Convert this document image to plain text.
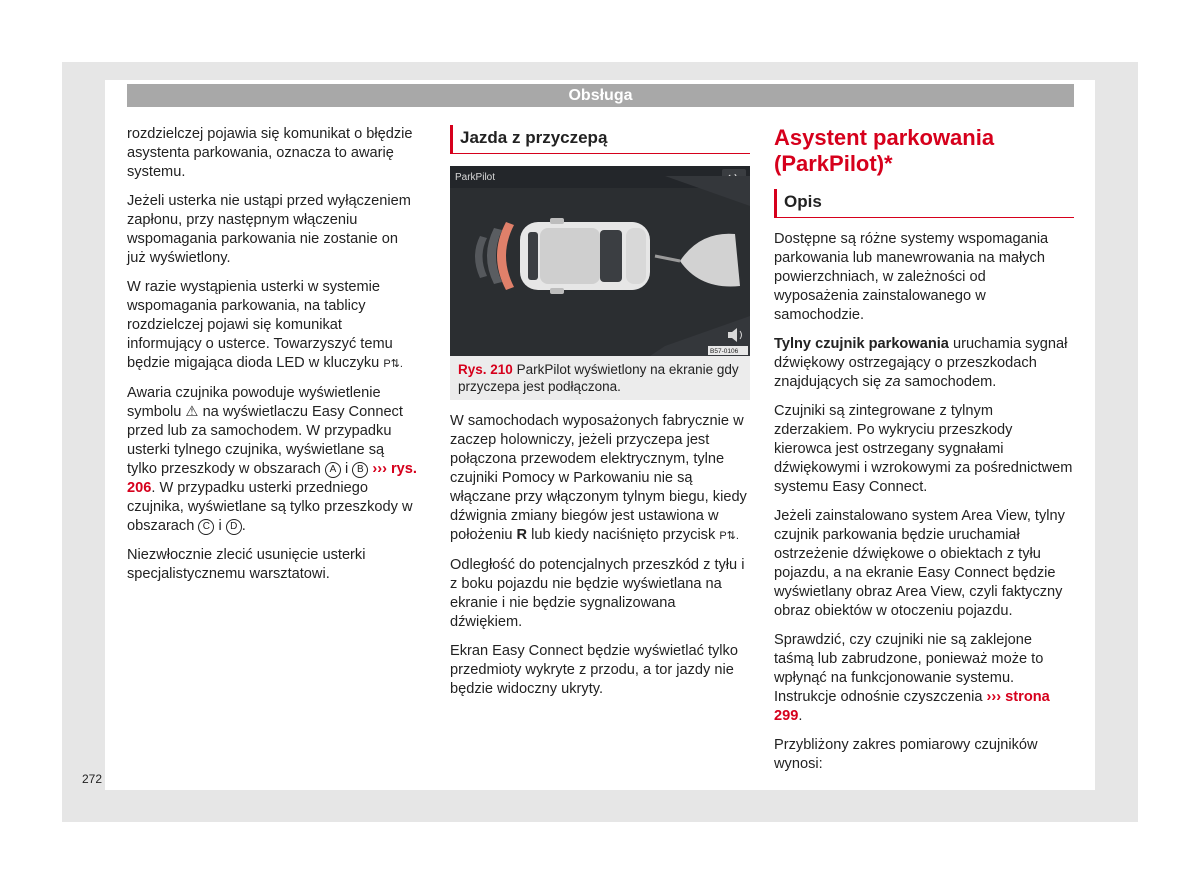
Obsługa

rozdzielczej pojawia się komunikat o błędzie asystenta parkowania, oznacza to awarię systemu.

Jeżeli usterka nie ustąpi przed wyłączeniem zapłonu, przy następnym włączeniu wspomagania parkowania nie zostanie on już wyświetlony.

W razie wystąpienia usterki w systemie wspomagania parkowania, na tablicy rozdzielczej pojawi się komunikat informujący o usterce. Towarzyszyć temu będzie migająca dioda LED w kluczyku P⇅.

Awaria czujnika powoduje wyświetlenie symbolu ⚠ na wyświetlaczu Easy Connect przed lub za samochodem. W przypadku usterki tylnego czujnika, wyświetlane są tylko przeszkody w obszarach A i B ››› rys. 206. W przypadku usterki przedniego czujnika, wyświetlane są tylko przeszkody w obszarach C i D .

Niezwłocznie zlecić usunięcie usterki specjalistycznemu warsztatowi.

Jazda z przyczepą
ParkPilot
B57-0106
Rys. 210 ParkPilot wyświetlony na ekranie gdy przyczepa jest podłączona.

W samochodach wyposażonych fabrycznie w zaczep holowniczy, jeżeli przyczepa jest połączona przewodem elektrycznym, tylne czujniki Pomocy w Parkowaniu nie są włączane przy włączonym tylnym biegu, kiedy dźwignia zmiany biegów jest ustawiona w położeniu R lub kiedy naciśnięto przycisk P⇅.

Odległość do potencjalnych przeszkód z tyłu i z boku pojazdu nie będzie wyświetlana na ekranie i nie będzie sygnalizowana dźwiękiem.

Ekran Easy Connect będzie wyświetlać tylko przedmioty wykryte z przodu, a tor jazdy nie będzie widoczny ukryty.

Asystent parkowania (ParkPilot)*
Opis

Dostępne są różne systemy wspomagania parkowania lub manewrowania na małych powierzchniach, w zależności od wyposażenia zainstalowanego w samochodzie.

Tylny czujnik parkowania uruchamia sygnał dźwiękowy ostrzegający o przeszkodach znajdujących się za samochodem.

Czujniki są zintegrowane z tylnym zderzakiem. Po wykryciu przeszkody kierowca jest ostrzegany sygnałami dźwiękowymi i wzrokowymi za pośrednictwem systemu Easy Connect.

Jeżeli zainstalowano system Area View, tylny czujnik parkowania będzie uruchamiał ostrzeżenie dźwiękowe o obiektach z tyłu pojazdu, a na ekranie Easy Connect będzie wyświetlany obraz Area View, czyli faktyczny obraz obiektów w otoczeniu pojazdu.

Sprawdzić, czy czujniki nie są zaklejone taśmą lub zabrudzone, ponieważ może to wpłynąć na funkcjonowanie systemu. Instrukcje odnośnie czyszczenia ››› strona 299.

Przybliżony zakres pomiarowy czujników wynosi:

272
